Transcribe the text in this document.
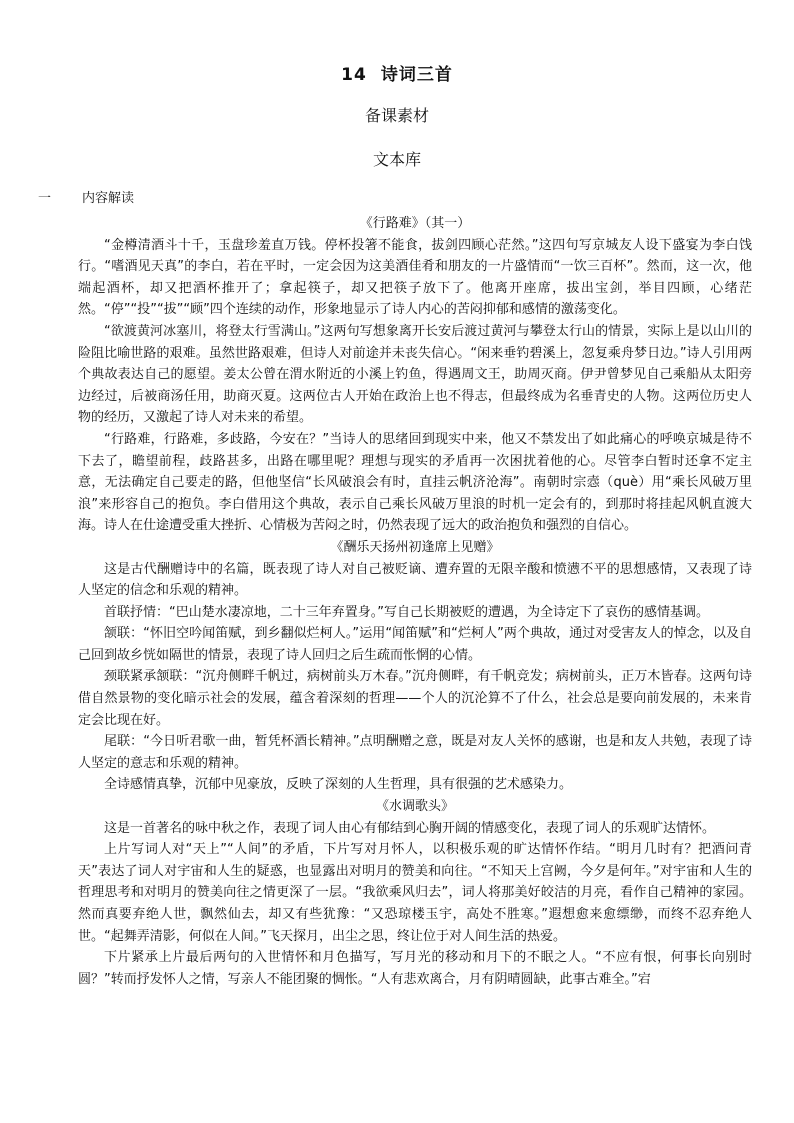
14 诗词三首
备课素材
文本库
一 内容解读

《行路难》（其一）

“金樽清酒斗十千，玉盘珍羞直万钱。停杯投箸不能食，拔剑四顾心茫然。”这四句写京城友人设下盛宴为李白饯行。“嗜酒见天真”的李白，若在平时，一定会因为这美酒佳肴和朋友的一片盛情而“一饮三百杯”。然而，这一次，他端起酒杯，却又把酒杯推开了；拿起筷子，却又把筷子放下了。他离开座席，拔出宝剑，举目四顾，心绪茫然。“停”“投”“拔”“顾”四个连续的动作，形象地显示了诗人内心的苦闷抑郁和感情的激荡变化。

“欲渡黄河冰塞川，将登太行雪满山。”这两句写想象离开长安后渡过黄河与攀登太行山的情景，实际上是以山川的险阻比喻世路的艰难。虽然世路艰难，但诗人对前途并未丧失信心。“闲来垂钓碧溪上，忽复乘舟梦日边。”诗人引用两个典故表达自己的愿望。姜太公曾在渭水附近的小溪上钓鱼，得遇周文王，助周灭商。伊尹曾梦见自己乘船从太阳旁边经过，后被商汤任用，助商灭夏。这两位古人开始在政治上也不得志，但最终成为名垂青史的人物。这两位历史人物的经历，又激起了诗人对未来的希望。

“行路难，行路难，多歧路，今安在？”当诗人的思绪回到现实中来，他又不禁发出了如此痛心的呼唤京城是待不下去了，瞻望前程，歧路甚多，出路在哪里呢？理想与现实的矛盾再一次困扰着他的心。尽管李白暂时还拿不定主意，无法确定自己要走的路，但他坚信“长风破浪会有时，直挂云帆济沧海”。南朝时宗悫（què）用“乘长风破万里浪”来形容自己的抱负。李白借用这个典故，表示自己乘长风破万里浪的时机一定会有的，到那时将挂起风帆直渡大海。诗人在仕途遭受重大挫折、心情极为苦闷之时，仍然表现了远大的政治抱负和强烈的自信心。

《酬乐天扬州初逢席上见赠》

这是古代酬赠诗中的名篇，既表现了诗人对自己被贬谪、遭弃置的无限辛酸和愤懑不平的思想感情，又表现了诗人坚定的信念和乐观的精神。

首联抒情：“巴山楚水凄凉地，二十三年弃置身。”写自己长期被贬的遭遇，为全诗定下了哀伤的感情基调。

颔联：“怀旧空吟闻笛赋，到乡翻似烂柯人。”运用“闻笛赋”和“烂柯人”两个典故，通过对受害友人的悼念，以及自己回到故乡恍如隔世的情景，表现了诗人回归之后生疏而怅惘的心情。

颈联紧承颔联：“沉舟侧畔千帆过，病树前头万木春。”沉舟侧畔，有千帆竞发；病树前头，正万木皆春。这两句诗借自然景物的变化暗示社会的发展，蕴含着深刻的哲理——个人的沉沦算不了什么，社会总是要向前发展的，未来肯定会比现在好。

尾联：“今日听君歌一曲，暂凭杯酒长精神。”点明酬赠之意，既是对友人关怀的感谢，也是和友人共勉，表现了诗人坚定的意志和乐观的精神。

全诗感情真挚，沉郁中见豪放，反映了深刻的人生哲理，具有很强的艺术感染力。

《水调歌头》

这是一首著名的咏中秋之作，表现了词人由心有郁结到心胸开阔的情感变化，表现了词人的乐观旷达情怀。

上片写词人对“天上”“人间”的矛盾，下片写对月怀人，以积极乐观的旷达情怀作结。“明月几时有？把酒问青天”表达了词人对宇宙和人生的疑惑，也显露出对明月的赞美和向往。“不知天上宫阙，今夕是何年。”对宇宙和人生的哲理思考和对明月的赞美向往之情更深了一层。“我欲乘风归去”，词人将那美好皎洁的月亮，看作自己精神的家园。然而真要弃绝人世，飘然仙去，却又有些犹豫：“又恐琼楼玉宇，高处不胜寒。”遐想愈来愈缥缈，而终不忍弃绝人世。“起舞弄清影，何似在人间。”飞天探月，出尘之思，终让位于对人间生活的热爱。

下片紧承上片最后两句的入世情怀和月色描写，写月光的移动和月下的不眠之人。“不应有恨，何事长向别时圆？”转而抒发怀人之情，写亲人不能团聚的惆怅。“人有悲欢离合，月有阴晴圆缺，此事古难全。”宕
